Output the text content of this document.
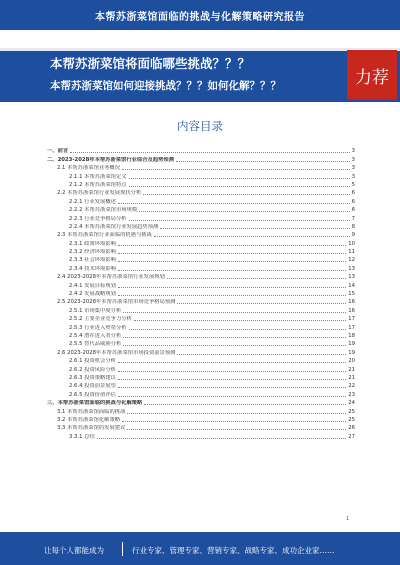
本帮苏浙菜馆面临的挑战与化解策略研究报告
本帮苏浙菜馆将面临哪些挑战？？？
本帮苏浙菜馆如何迎接挑战？？？如何化解？？？	力荐
内容目录
一、前言	3
二、2023-2028年本帮苏浙菜馆行业综合及趋势预测	3
2.1 本帮苏浙菜馆业务概况	3
2.1.1 本帮苏浙菜馆定义	3
2.1.2 本帮苏浙菜馆特点	5
2.2 本帮苏浙菜馆行业发展现状分析	6
2.2.1 行业发展概述	6
2.2.2 本帮苏浙菜馆市场规模	6
2.2.3 行业竞争格局分析	7
2.2.4 本帮苏浙菜馆行业发展趋势预测	8
2.3 本帮苏浙菜馆行业面临的机遇与挑战	9
2.3.1 政策环境影响	10
2.3.2 经济环境影响	11
2.3.3 社会环境影响	12
2.3.4 技术环境影响	13
2.4 2023-2028年本帮苏浙菜馆行业发展规划	13
2.4.1 发展目标规划	14
2.4.2 发展战略规划	15
2.5 2023-2028年本帮苏浙菜馆市场竞争格局预测	16
2.5.1 市场集中度分析	16
2.5.2 主要企业竞争力分析	17
2.5.3 行业进入壁垒分析	17
2.5.4 潜在进入者分析	18
2.5.5 替代品威胁分析	19
2.6 2023-2028年本帮苏浙菜馆市场投资前景预测	19
2.6.1 投资机会分析	20
2.6.2 投资风险分析	21
2.6.3 投资策略建议	21
2.6.4 投资前景展望	22
2.6.5 投资价值评估	23
三、本帮苏浙菜馆面临的挑战与化解策略	24
3.1 本帮苏浙菜馆面临的挑战	25
3.2 本帮苏浙菜馆化解策略	25
3.3 本帮苏浙菜馆的发展建议	26
3.3.1 总结	27
1
让每个人都能成为	行业专家、管理专家、营销专家、战略专家、成功企业家……
